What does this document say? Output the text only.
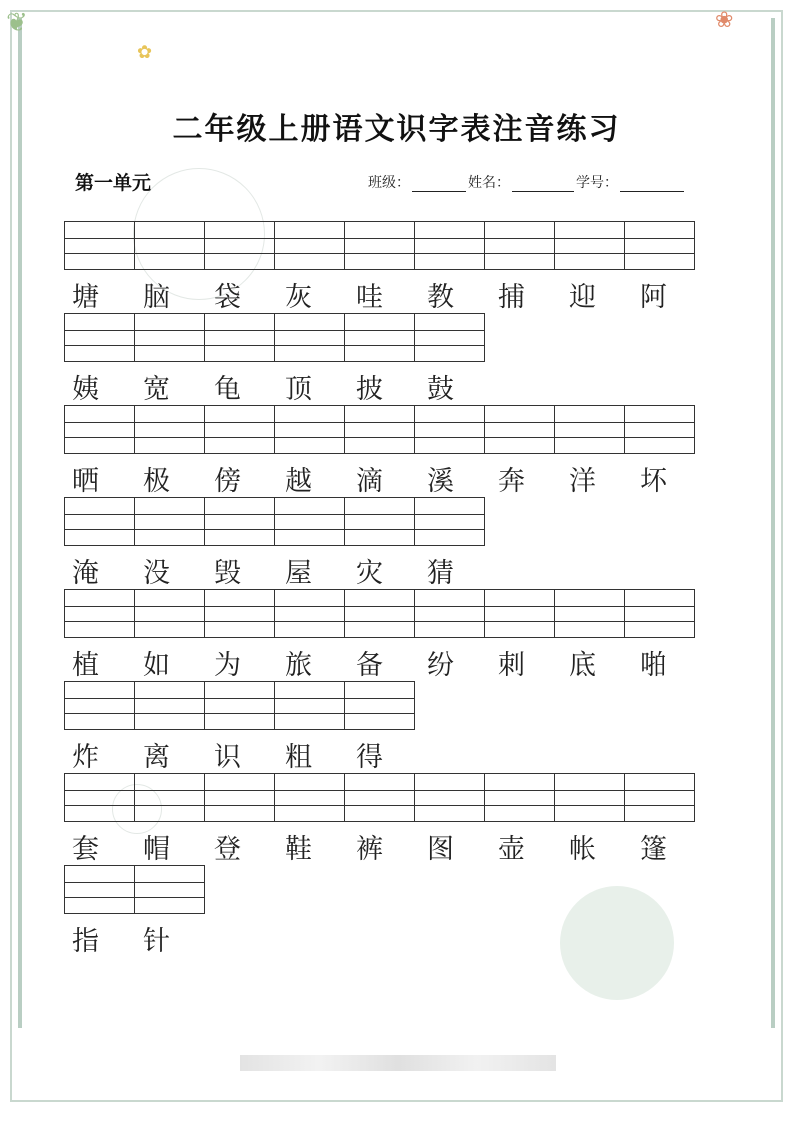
✿
❀
❦
二年级上册语文识字表注音练习
第一单元	班级：	姓名：	学号：
塘	脑	袋	灰	哇	教	捕	迎	阿
姨	宽	龟	顶	披	鼓
晒	极	傍	越	滴	溪	奔	洋	坏
淹	没	毁	屋	灾	猜
植	如	为	旅	备	纷	刺	底	啪
炸	离	识	粗	得
套	帽	登	鞋	裤	图	壶	帐	篷
指	针
